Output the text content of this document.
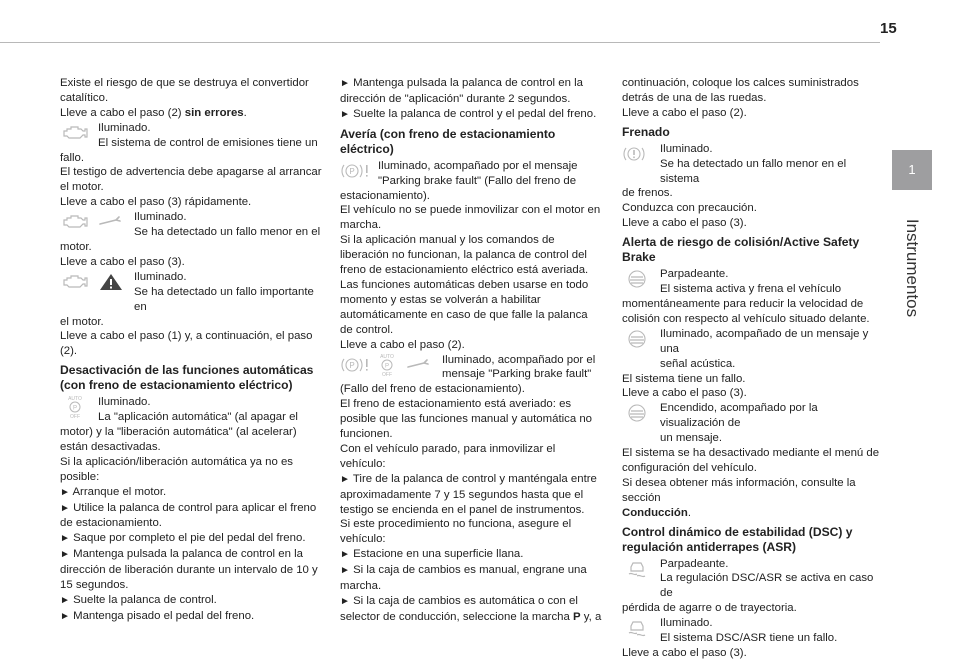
15
1
Instrumentos

Existe el riesgo de que se destruya el convertidor catalítico.

Lleve a cabo el paso (2) sin errores.

Iluminado.

El sistema de control de emisiones tiene un

fallo.

El testigo de advertencia debe apagarse al arrancar el motor.

Lleve a cabo el paso (3) rápidamente.

Iluminado.

Se ha detectado un fallo menor en el

motor.

Lleve a cabo el paso (3).

Iluminado.

Se ha detectado un fallo importante en

el motor.

Lleve a cabo el paso (1) y, a continuación, el paso (2).

Desactivación de las funciones automáticas (con freno de estacionamiento eléctrico)
AUTO
P
OFF

Iluminado.

La "aplicación automática" (al apagar el

motor) y la "liberación automática" (al acelerar) están desactivadas.

Si la aplicación/liberación automática ya no es posible:

► Arranque el motor.

► Utilice la palanca de control para aplicar el freno de estacionamiento.

► Saque por completo el pie del pedal del freno.

► Mantenga pulsada la palanca de control en la dirección de liberación durante un intervalo de 10 y 15 segundos.

► Suelte la palanca de control.

► Mantenga pisado el pedal del freno.

► Mantenga pulsada la palanca de control en la dirección de "aplicación" durante 2 segundos.

► Suelte la palanca de control y el pedal del freno.

Avería (con freno de estacionamiento eléctrico)
P Iluminado, acompañado por el mensaje

"Parking brake fault" (Fallo del freno de

estacionamiento).

El vehículo no se puede inmovilizar con el motor en marcha.

Si la aplicación manual y los comandos de liberación no funcionan, la palanca de control del freno de estacionamiento eléctrico está averiada.

Las funciones automáticas deben usarse en todo momento y estas se volverán a habilitar automáticamente en caso de que falle la palanca de control.

Lleve a cabo el paso (2).

P
AUTO
P
OFF

Iluminado, acompañado por el

mensaje "Parking brake fault"

(Fallo del freno de estacionamiento).

El freno de estacionamiento está averiado: es posible que las funciones manual y automática no funcionen.

Con el vehículo parado, para inmovilizar el vehículo:

► Tire de la palanca de control y manténgala entre aproximadamente 7 y 15 segundos hasta que el testigo se encienda en el panel de instrumentos.

Si este procedimiento no funciona, asegure el vehículo:

► Estacione en una superficie llana.

► Si la caja de cambios es manual, engrane una marcha.

► Si la caja de cambios es automática o con el selector de conducción, seleccione la marcha P y, a

continuación, coloque los calces suministrados detrás de una de las ruedas.

Lleve a cabo el paso (2).

Frenado

Iluminado.

Se ha detectado un fallo menor en el sistema

de frenos.

Conduzca con precaución.

Lleve a cabo el paso (3).

Alerta de riesgo de colisión/Active Safety Brake

Parpadeante.

El sistema activa y frena el vehículo

momentáneamente para reducir la velocidad de colisión con respecto al vehículo situado delante.

Iluminado, acompañado de un mensaje y una

señal acústica.

El sistema tiene un fallo.

Lleve a cabo el paso (3).

Encendido, acompañado por la visualización de

un mensaje.

El sistema se ha desactivado mediante el menú de configuración del vehículo.

Si desea obtener más información, consulte la sección

Conducción.

Control dinámico de estabilidad (DSC) y regulación antiderrapes (ASR)

Parpadeante.

La regulación DSC/ASR se activa en caso de

pérdida de agarre o de trayectoria.

Iluminado.

El sistema DSC/ASR tiene un fallo.

Lleve a cabo el paso (3).
